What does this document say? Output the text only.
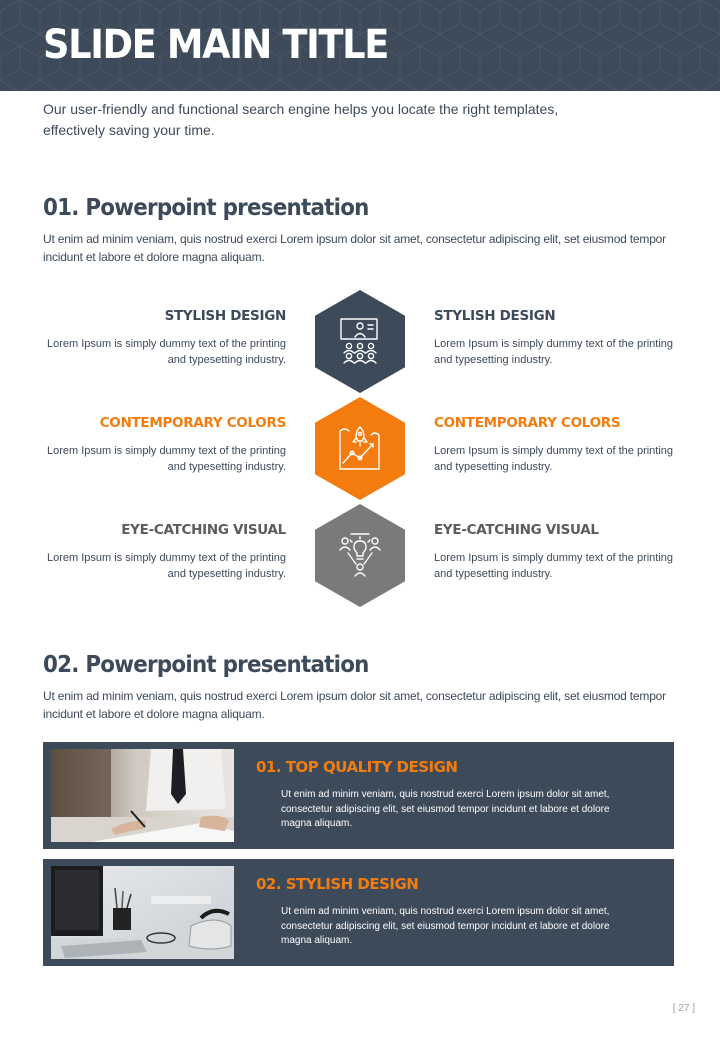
SLIDE MAIN TITLE
Our user-friendly and functional search engine helps you locate the right templates, effectively saving your time.
01. Powerpoint presentation
Ut enim ad minim veniam, quis nostrud exerci Lorem ipsum dolor sit amet, consectetur adipiscing elit, set eiusmod tempor incidunt et labore et dolore magna aliquam.
STYLISH DESIGN
Lorem Ipsum is simply dummy text of the printing and typesetting industry.
STYLISH DESIGN
Lorem Ipsum is simply dummy text of the printing and typesetting industry.
CONTEMPORARY COLORS
Lorem Ipsum is simply dummy text of the printing and typesetting industry.
CONTEMPORARY COLORS
Lorem Ipsum is simply dummy text of the printing and typesetting industry.
EYE-CATCHING VISUAL
Lorem Ipsum is simply dummy text of the printing and typesetting industry.
EYE-CATCHING VISUAL
Lorem Ipsum is simply dummy text of the printing and typesetting industry.
02. Powerpoint presentation
Ut enim ad minim veniam, quis nostrud exerci Lorem ipsum dolor sit amet, consectetur adipiscing elit, set eiusmod tempor incidunt et labore et dolore magna aliquam.
01. TOP QUALITY DESIGN
Ut enim ad minim veniam, quis nostrud exerci Lorem ipsum dolor sit amet, consectetur adipiscing elit, set eiusmod tempor incidunt et labore et dolore magna aliquam.
02. STYLISH DESIGN
Ut enim ad minim veniam, quis nostrud exerci Lorem ipsum dolor sit amet, consectetur adipiscing elit, set eiusmod tempor incidunt et labore et dolore magna aliquam.
[ 27 ]
